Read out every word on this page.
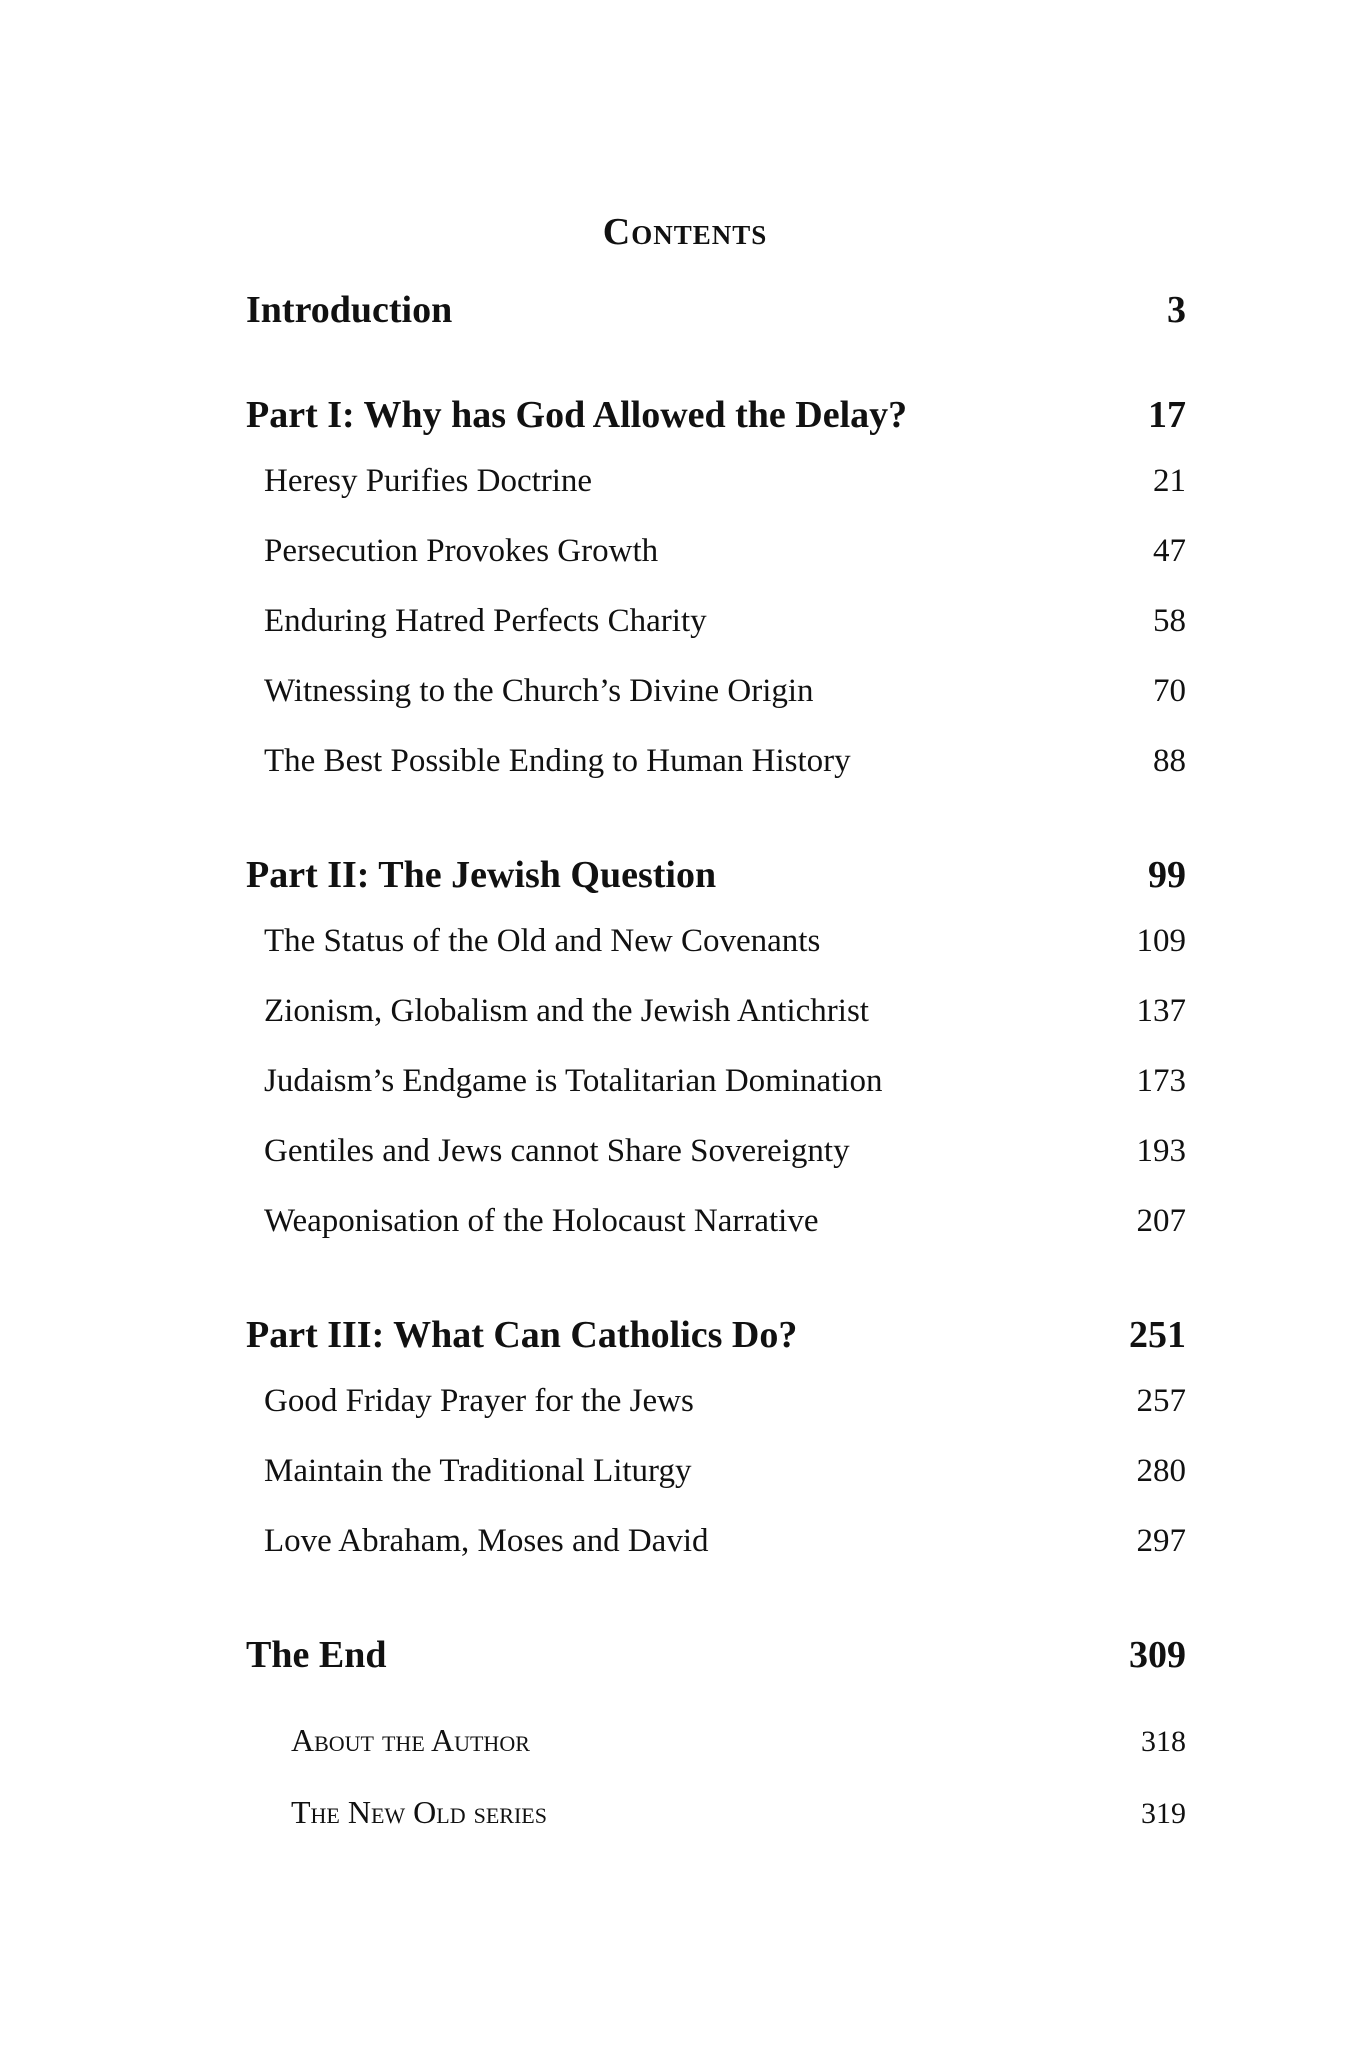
Contents
Introduction	3
Part I: Why has God Allowed the Delay?	17
Heresy Purifies Doctrine	21
Persecution Provokes Growth	47
Enduring Hatred Perfects Charity	58
Witnessing to the Church’s Divine Origin	70
The Best Possible Ending to Human History	88
Part II: The Jewish Question	99
The Status of the Old and New Covenants	109
Zionism, Globalism and the Jewish Antichrist	137
Judaism’s Endgame is Totalitarian Domination	173
Gentiles and Jews cannot Share Sovereignty	193
Weaponisation of the Holocaust Narrative	207
Part III: What Can Catholics Do?	251
Good Friday Prayer for the Jews	257
Maintain the Traditional Liturgy	280
Love Abraham, Moses and David	297
The End	309
About the Author	318
The New Old series	319
